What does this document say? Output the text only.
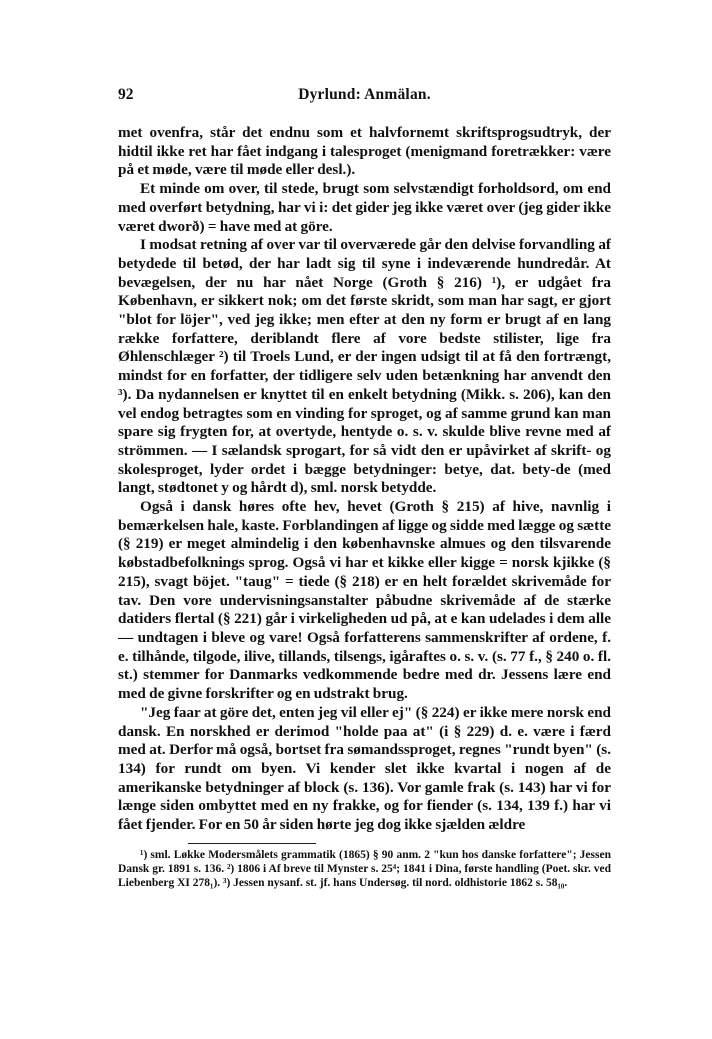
92	Dyrlund: Anmälan.

met ovenfra, står det endnu som et halvfornemt skriftsprogsudtryk, der hidtil ikke ret har fået indgang i talesproget (menigmand foretrækker: være på et møde, være til møde eller desl.).

Et minde om over, til stede, brugt som selvstændigt forholdsord, om end med overført betydning, har vi i: det gider jeg ikke været over (jeg gider ikke været dworð) = have med at göre.

I modsat retning af over var til overværede går den delvise forvandling af betydede til betød, der har ladt sig til syne i indeværende hundredår. At bevægelsen, der nu har nået Norge (Groth § 216) ¹), er udgået fra København, er sikkert nok; om det første skridt, som man har sagt, er gjort "blot for löjer", ved jeg ikke; men efter at den ny form er brugt af en lang række forfattere, deriblandt flere af vore bedste stilister, lige fra Øhlenschlæger ²) til Troels Lund, er der ingen udsigt til at få den fortrængt, mindst for en forfatter, der tidligere selv uden betænkning har anvendt den ³). Da nydannelsen er knyttet til en enkelt betydning (Mikk. s. 206), kan den vel endog betragtes som en vinding for sproget, og af samme grund kan man spare sig frygten for, at overtyde, hentyde o. s. v. skulde blive revne med af strömmen. — I sælandsk sprogart, for så vidt den er upåvirket af skrift- og skolesproget, lyder ordet i bægge betydninger: betye, dat. bety-de (med langt, stødtonet y og hårdt d), sml. norsk betydde.

Også i dansk høres ofte hev, hevet (Groth § 215) af hive, navnlig i bemærkelsen hale, kaste. Forblandingen af ligge og sidde med lægge og sætte (§ 219) er meget almindelig i den københavnske almues og den tilsvarende købstadbefolknings sprog. Også vi har et kikke eller kigge = norsk kjikke (§ 215), svagt böjet. "taug" = tiede (§ 218) er en helt forældet skrivemåde for tav. Den vore undervisningsanstalter påbudne skrivemåde af de stærke datiders flertal (§ 221) går i virkeligheden ud på, at e kan udelades i dem alle — undtagen i bleve og vare! Også forfatterens sammenskrifter af ordene, f. e. tilhånde, tilgode, ilive, tillands, tilsengs, igåraftes o. s. v. (s. 77 f., § 240 o. fl. st.) stemmer for Danmarks vedkommende bedre med dr. Jessens lære end med de givne forskrifter og en udstrakt brug.

"Jeg faar at göre det, enten jeg vil eller ej" (§ 224) er ikke mere norsk end dansk. En norskhed er derimod "holde paa at" (i § 229) d. e. være i færd med at. Derfor må også, bortset fra sømandssproget, regnes "rundt byen" (s. 134) for rundt om byen. Vi kender slet ikke kvartal i nogen af de amerikanske betydninger af block (s. 136). Vor gamle frak (s. 143) har vi for længe siden ombyttet med en ny frakke, og for fiender (s. 134, 139 f.) har vi fået fjender. For en 50 år siden hørte jeg dog ikke sjælden ældre

¹) sml. Løkke Modersmålets grammatik (1865) § 90 anm. 2 "kun hos danske forfattere"; Jessen Dansk gr. 1891 s. 136. ²) 1806 i Af breve til Mynster s. 25⁴; 1841 i Dina, første handling (Poet. skr. ved Liebenberg XI 278₁). ³) Jessen nysanf. st. jf. hans Undersøg. til nord. oldhistorie 1862 s. 58₁₀.
